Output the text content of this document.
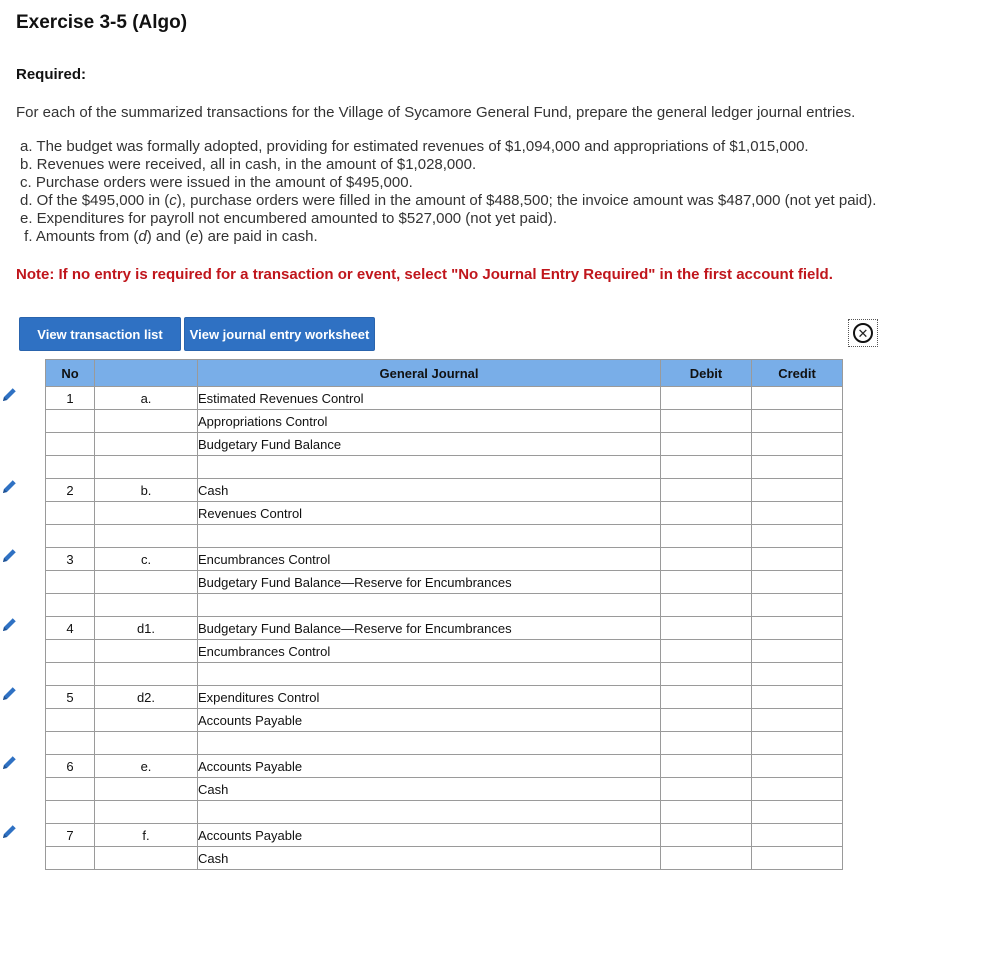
Exercise 3-5 (Algo)
Required:
For each of the summarized transactions for the Village of Sycamore General Fund, prepare the general ledger journal entries.
a. The budget was formally adopted, providing for estimated revenues of $1,094,000 and appropriations of $1,015,000.
b. Revenues were received, all in cash, in the amount of $1,028,000.
c. Purchase orders were issued in the amount of $495,000.
d. Of the $495,000 in (c), purchase orders were filled in the amount of $488,500; the invoice amount was $487,000 (not yet paid).
e. Expenditures for payroll not encumbered amounted to $527,000 (not yet paid).
f. Amounts from (d) and (e) are paid in cash.
Note: If no entry is required for a transaction or event, select "No Journal Entry Required" in the first account field.
View transaction list	View journal entry worksheet	✕
No		General Journal	Debit	Credit
1	a.	Estimated Revenues Control		
		Appropriations Control		
		Budgetary Fund Balance		

2	b.	Cash		
		Revenues Control		

3	c.	Encumbrances Control		
		Budgetary Fund Balance—Reserve for Encumbrances		

4	d1.	Budgetary Fund Balance—Reserve for Encumbrances		
		Encumbrances Control		

5	d2.	Expenditures Control		
		Accounts Payable		

6	e.	Accounts Payable		
		Cash		

7	f.	Accounts Payable		
		Cash		
